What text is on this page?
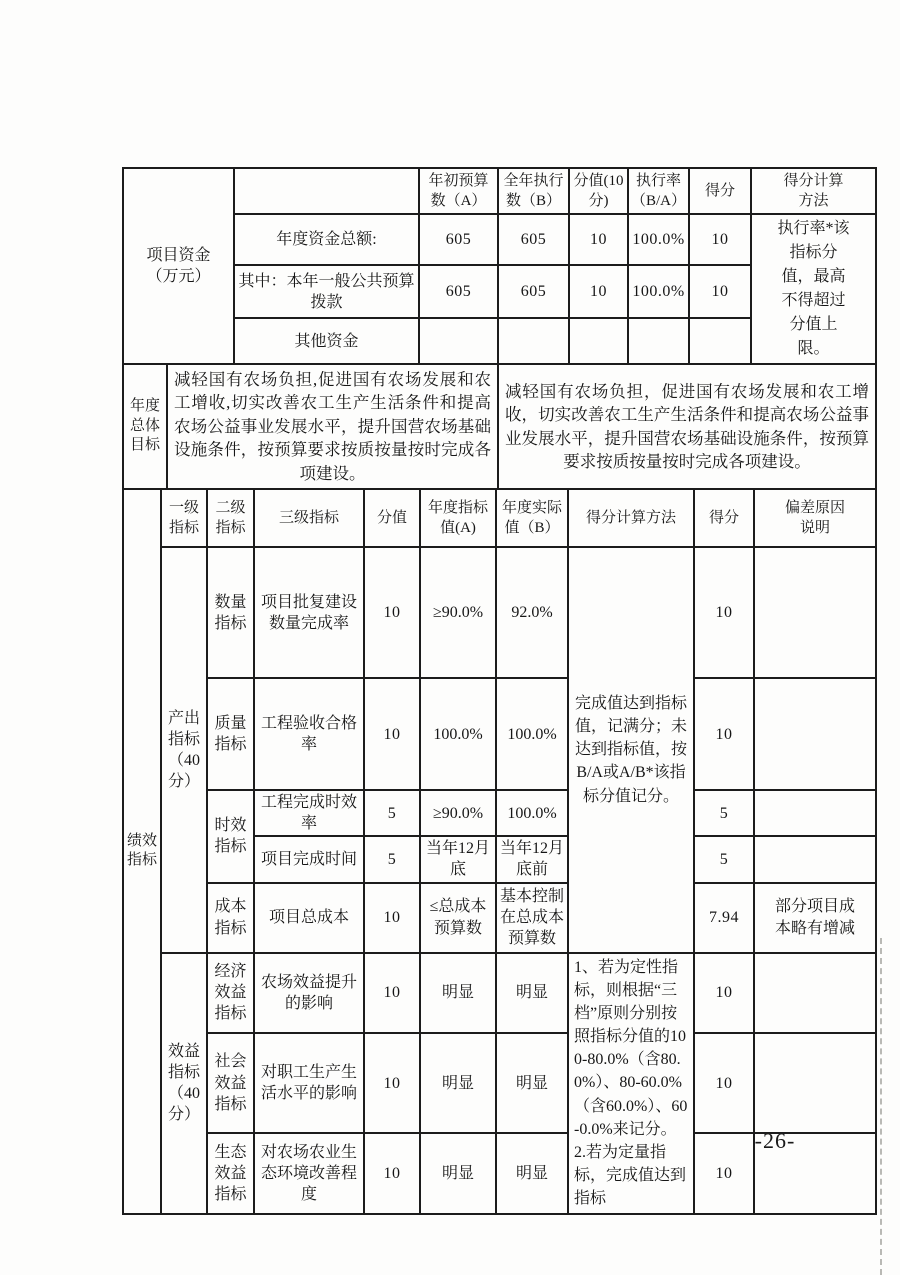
项目资金（万元）		年初预算数（A）	全年执行数（B）	分值(10分)	执行率（B/A）	得分	得分计算方法
	年度资金总额:	605	605	10	100.0%	10	执行率*该指标分值，最高不得超过分值上限。
	其中：本年一般公共预算拨款	605	605	10	100.0%	10	
	其他资金						
年度总体目标	减轻国有农场负担,促进国有农场发展和农工增收,切实改善农工生产生活条件和提高农场公益事业发展水平，提升国营农场基础设施条件，按预算要求按质按量按时完成各项建设。	减轻国有农场负担，促进国有农场发展和农工增收，切实改善农工生产生活条件和提高农场公益事业发展水平，提升国营农场基础设施条件，按预算要求按质按量按时完成各项建设。
绩效指标	一级指标	二级指标	三级指标	分值	年度指标值(A)	年度实际值（B）	得分计算方法	得分	偏差原因说明
	产出指标（40分）	数量指标	项目批复建设数量完成率	10	≥90.0%	92.0%	完成值达到指标值，记满分；未达到指标值，按B/A或A/B*该指标分值记分。	10	
		质量指标	工程验收合格率	10	100.0%	100.0%		10	
		时效指标	工程完成时效率	5	≥90.0%	100.0%		5	
			项目完成时间	5	当年12月底	当年12月底前		5	
		成本指标	项目总成本	10	≤总成本预算数	基本控制在总成本预算数		7.94	部分项目成本略有增减
	效益指标（40分）	经济效益指标	农场效益提升的影响	10	明显	明显	1、若为定性指标，则根据“三档”原则分别按照指标分值的100-80.0%（含80.0%）、80-60.0%（含60.0%）、60-0.0%来记分。2.若为定量指标，完成值达到指标	10	
		社会效益指标	对职工生产生活水平的影响	10	明显	明显		10	
		生态效益指标	对农场农业生态环境改善程度	10	明显	明显		10	
-26-
